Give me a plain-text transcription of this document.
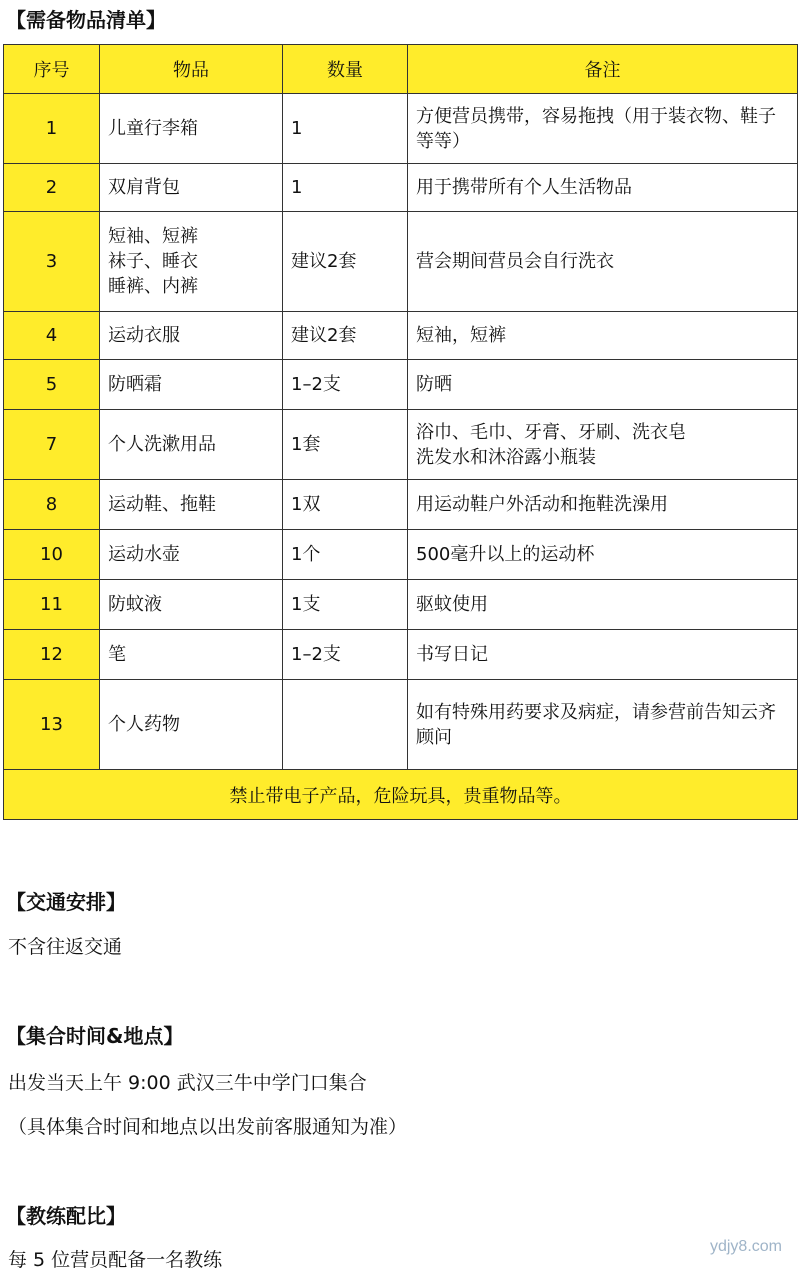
【需备物品清单】
序号	物品	数量	备注
1	儿童行李箱	1	方便营员携带，容易拖拽（用于装衣物、鞋子等等）
2	双肩背包	1	用于携带所有个人生活物品
3	短袖、短裤
袜子、睡衣
睡裤、内裤	建议2套	营会期间营员会自行洗衣
4	运动衣服	建议2套	短袖，短裤
5	防晒霜	1–2支	防晒
7	个人洗漱用品	1套	浴巾、毛巾、牙膏、牙刷、洗衣皂
洗发水和沐浴露小瓶装
8	运动鞋、拖鞋	1双	用运动鞋户外活动和拖鞋洗澡用
10	运动水壶	1个	500毫升以上的运动杯
11	防蚊液	1支	驱蚊使用
12	笔	1–2支	书写日记
13	个人药物		如有特殊用药要求及病症，请参营前告知云齐顾问
禁止带电子产品，危险玩具，贵重物品等。			
【交通安排】
不含往返交通
【集合时间&地点】
出发当天上午 9:00 武汉三牛中学门口集合
（具体集合时间和地点以出发前客服通知为准）
【教练配比】
每 5 位营员配备一名教练
ydjy8.com
